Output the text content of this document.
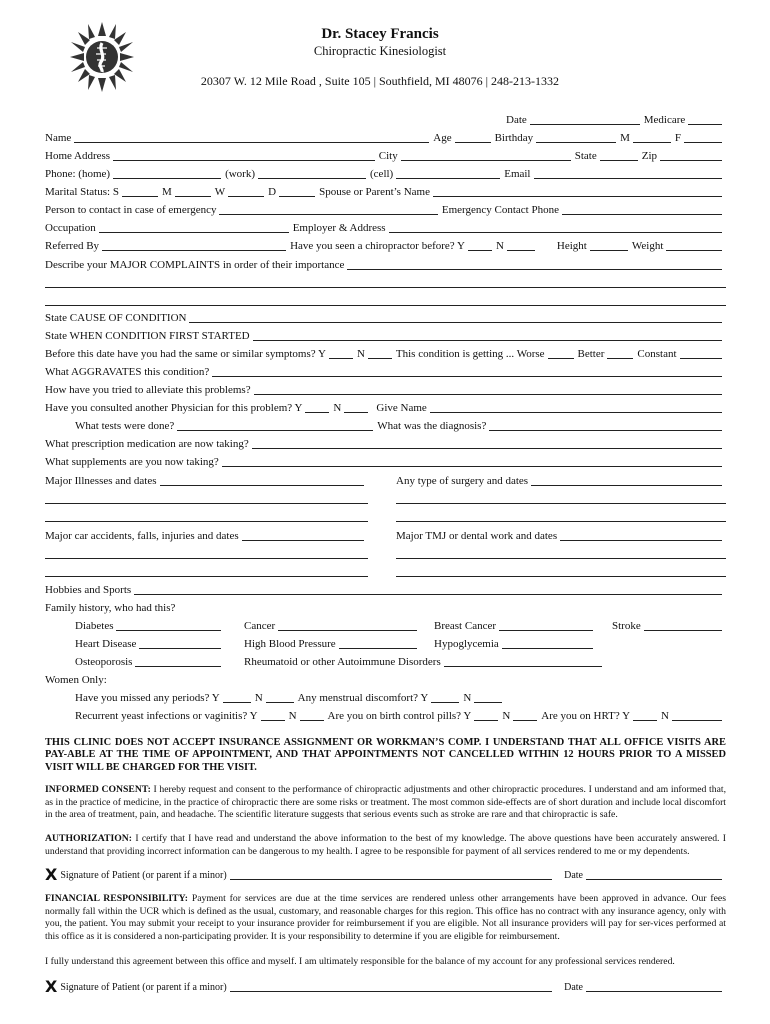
Dr. Stacey Francis
Chiropractic Kinesiologist
20307 W. 12 Mile Road , Suite 105 | Southfield, MI 48076 | 248-213-1332
Date	Medicare
Name	Age	Birthday	M	F
Home Address	City	State	Zip
Phone: (home)	(work)	(cell)	Email
Marital Status: S	M	W	D	Spouse or Parent’s Name
Person to contact in case of emergency	Emergency Contact Phone
Occupation	Employer & Address
Referred By	Have you seen a chiropractor before? Y	N	Height	Weight
Describe your MAJOR COMPLAINTS in order of their importance
State CAUSE OF CONDITION
State WHEN CONDITION FIRST STARTED
Before this date have you had the same or similar symptoms? Y	N	This condition is getting ... Worse	Better	Constant
What AGGRAVATES this condition?
How have you tried to alleviate this problems?
Have you consulted another Physician for this problem? Y	N	Give Name
What tests were done?	What was the diagnosis?
What prescription medication are now taking?
What supplements are you now taking?
Major Illnesses and dates	Any type of surgery and dates
Major car accidents, falls, injuries and dates	Major TMJ or dental work and dates
Hobbies and Sports
Family history, who had this?
Diabetes	Cancer	Breast Cancer	Stroke
Heart Disease	High Blood Pressure	Hypoglycemia
Osteoporosis	Rheumatoid or other Autoimmune Disorders
Women Only:
Have you missed any periods? Y	N	Any menstrual discomfort? Y	N
Recurrent yeast infections or vaginitis? Y	N	Are you on birth control pills? Y	N	Are you on HRT? Y	N
THIS CLINIC DOES NOT ACCEPT INSURANCE ASSIGNMENT OR WORKMAN’S COMP. I UNDERSTAND THAT ALL OFFICE VISITS ARE PAY-ABLE AT THE TIME OF APPOINTMENT, AND THAT APPOINTMENTS NOT CANCELLED WITHIN 12 HOURS PRIOR TO A MISSED VISIT WILL BE CHARGED FOR THE VISIT.
INFORMED CONSENT: I hereby request and consent to the performance of chiropractic adjustments and other chiropractic procedures. I understand and am informed that, as in the practice of medicine, in the practice of chiropractic there are some risks or treatment. The most common side-effects are of short duration and include local discomfort in the area of treatment, pain, and headache. The scientific literature suggests that serious events such as stroke are rare and that chiropractic is safe.
AUTHORIZATION: I certify that I have read and understand the above information to the best of my knowledge. The above questions have been accurately answered. I understand that providing incorrect information can be dangerous to my health. I agree to be responsible for payment of all services rendered to me or my dependents.
X Signature of Patient (or parent if a minor)	Date
FINANCIAL RESPONSIBILITY: Payment for services are due at the time services are rendered unless other arrangements have been approved in advance. Our fees normally fall within the UCR which is defined as the usual, customary, and reasonable charges for this region. This office has no contract with any insurance agency, only with you, the patient. You may submit your receipt to your insurance provider for reimbursement if you are eligible. Not all insurance providers will pay for ser-vices performed at this office as it is considered a non-participating provider. It is your responsibility to determine if you are eligible for reimbursement.
I fully understand this agreement between this office and myself. I am ultimately responsible for the balance of my account for any professional services rendered.
X Signature of Patient (or parent if a minor)	Date
